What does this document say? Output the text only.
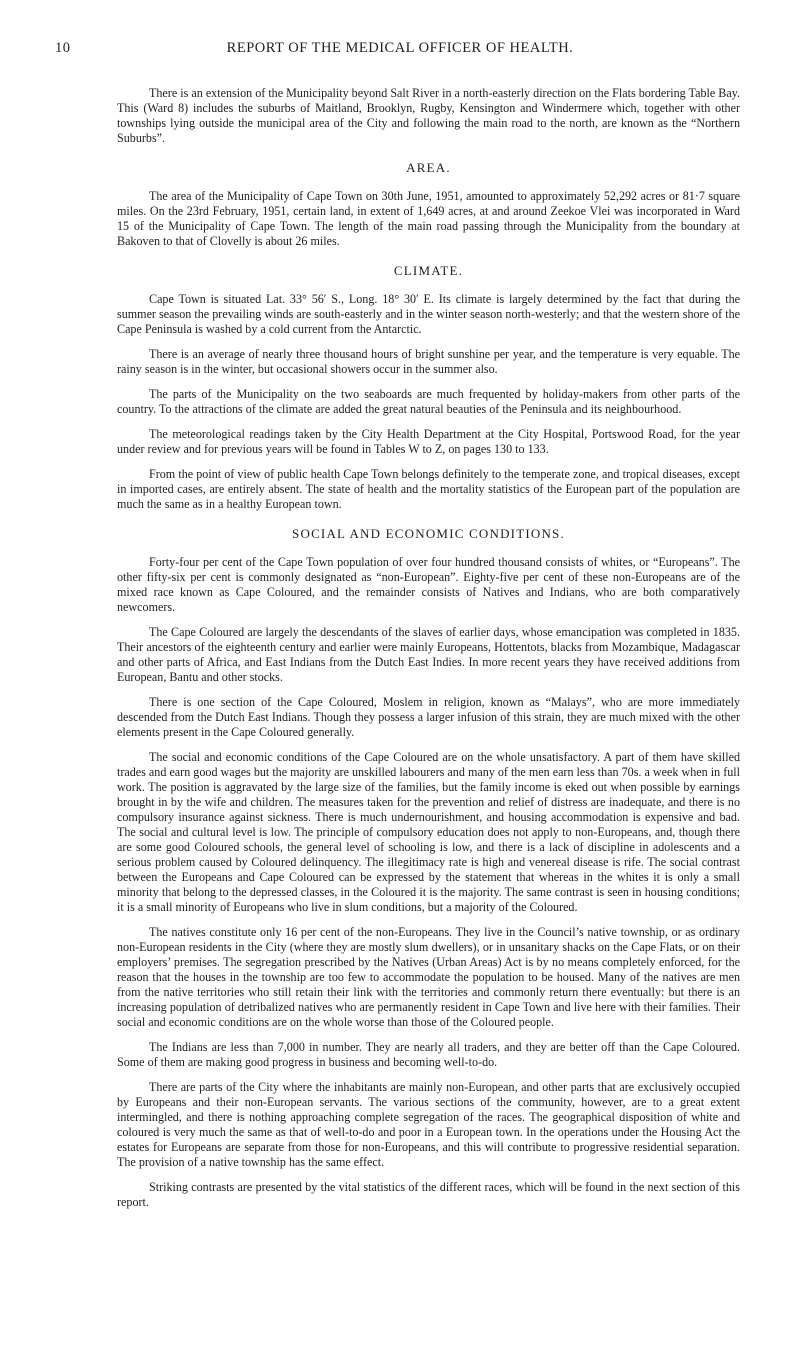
10	REPORT OF THE MEDICAL OFFICER OF HEALTH.

There is an extension of the Municipality beyond Salt River in a north-easterly direction on the Flats bordering Table Bay. This (Ward 8) includes the suburbs of Maitland, Brooklyn, Rugby, Kensington and Windermere which, together with other townships lying outside the municipal area of the City and following the main road to the north, are known as the “Northern Suburbs”.

AREA.

The area of the Municipality of Cape Town on 30th June, 1951, amounted to approximately 52,292 acres or 81·7 square miles. On the 23rd February, 1951, certain land, in extent of 1,649 acres, at and around Zeekoe Vlei was incorporated in Ward 15 of the Municipality of Cape Town. The length of the main road passing through the Municipality from the boundary at Bakoven to that of Clovelly is about 26 miles.

CLIMATE.

Cape Town is situated Lat. 33° 56′ S., Long. 18° 30′ E. Its climate is largely determined by the fact that during the summer season the prevailing winds are south-easterly and in the winter season north-westerly; and that the western shore of the Cape Peninsula is washed by a cold current from the Antarctic.

There is an average of nearly three thousand hours of bright sunshine per year, and the temperature is very equable. The rainy season is in the winter, but occasional showers occur in the summer also.

The parts of the Municipality on the two seaboards are much frequented by holiday-makers from other parts of the country. To the attractions of the climate are added the great natural beauties of the Peninsula and its neighbourhood.

The meteorological readings taken by the City Health Department at the City Hospital, Portswood Road, for the year under review and for previous years will be found in Tables W to Z, on pages 130 to 133.

From the point of view of public health Cape Town belongs definitely to the temperate zone, and tropical diseases, except in imported cases, are entirely absent. The state of health and the mortality statistics of the European part of the population are much the same as in a healthy European town.

SOCIAL AND ECONOMIC CONDITIONS.

Forty-four per cent of the Cape Town population of over four hundred thousand consists of whites, or “Europeans”. The other fifty-six per cent is commonly designated as “non-European”. Eighty-five per cent of these non-Europeans are of the mixed race known as Cape Coloured, and the remainder consists of Natives and Indians, who are both comparatively newcomers.

The Cape Coloured are largely the descendants of the slaves of earlier days, whose emancipation was completed in 1835. Their ancestors of the eighteenth century and earlier were mainly Europeans, Hottentots, blacks from Mozambique, Madagascar and other parts of Africa, and East Indians from the Dutch East Indies. In more recent years they have received additions from European, Bantu and other stocks.

There is one section of the Cape Coloured, Moslem in religion, known as “Malays”, who are more immediately descended from the Dutch East Indians. Though they possess a larger infusion of this strain, they are much mixed with the other elements present in the Cape Coloured generally.

The social and economic conditions of the Cape Coloured are on the whole unsatisfactory. A part of them have skilled trades and earn good wages but the majority are unskilled labourers and many of the men earn less than 70s. a week when in full work. The position is aggravated by the large size of the families, but the family income is eked out when possible by earnings brought in by the wife and children. The measures taken for the prevention and relief of distress are inadequate, and there is no compulsory insurance against sickness. There is much undernourishment, and housing accommodation is expensive and bad. The social and cultural level is low. The principle of compulsory education does not apply to non-Europeans, and, though there are some good Coloured schools, the general level of schooling is low, and there is a lack of discipline in adolescents and a serious problem caused by Coloured delinquency. The illegitimacy rate is high and venereal disease is rife. The social contrast between the Europeans and Cape Coloured can be expressed by the statement that whereas in the whites it is only a small minority that belong to the depressed classes, in the Coloured it is the majority. The same contrast is seen in housing conditions; it is a small minority of Europeans who live in slum conditions, but a majority of the Coloured.

The natives constitute only 16 per cent of the non-Europeans. They live in the Council’s native township, or as ordinary non-European residents in the City (where they are mostly slum dwellers), or in unsanitary shacks on the Cape Flats, or on their employers’ premises. The segregation prescribed by the Natives (Urban Areas) Act is by no means completely enforced, for the reason that the houses in the township are too few to accommodate the population to be housed. Many of the natives are men from the native territories who still retain their link with the territories and commonly return there eventually: but there is an increasing population of detribalized natives who are permanently resident in Cape Town and live here with their families. Their social and economic conditions are on the whole worse than those of the Coloured people.

The Indians are less than 7,000 in number. They are nearly all traders, and they are better off than the Cape Coloured. Some of them are making good progress in business and becoming well-to-do.

There are parts of the City where the inhabitants are mainly non-European, and other parts that are exclusively occupied by Europeans and their non-European servants. The various sections of the community, however, are to a great extent intermingled, and there is nothing approaching complete segregation of the races. The geographical disposition of white and coloured is very much the same as that of well-to-do and poor in a European town. In the operations under the Housing Act the estates for Europeans are separate from those for non-Europeans, and this will contribute to progressive residential separation. The provision of a native township has the same effect.

Striking contrasts are presented by the vital statistics of the different races, which will be found in the next section of this report.
